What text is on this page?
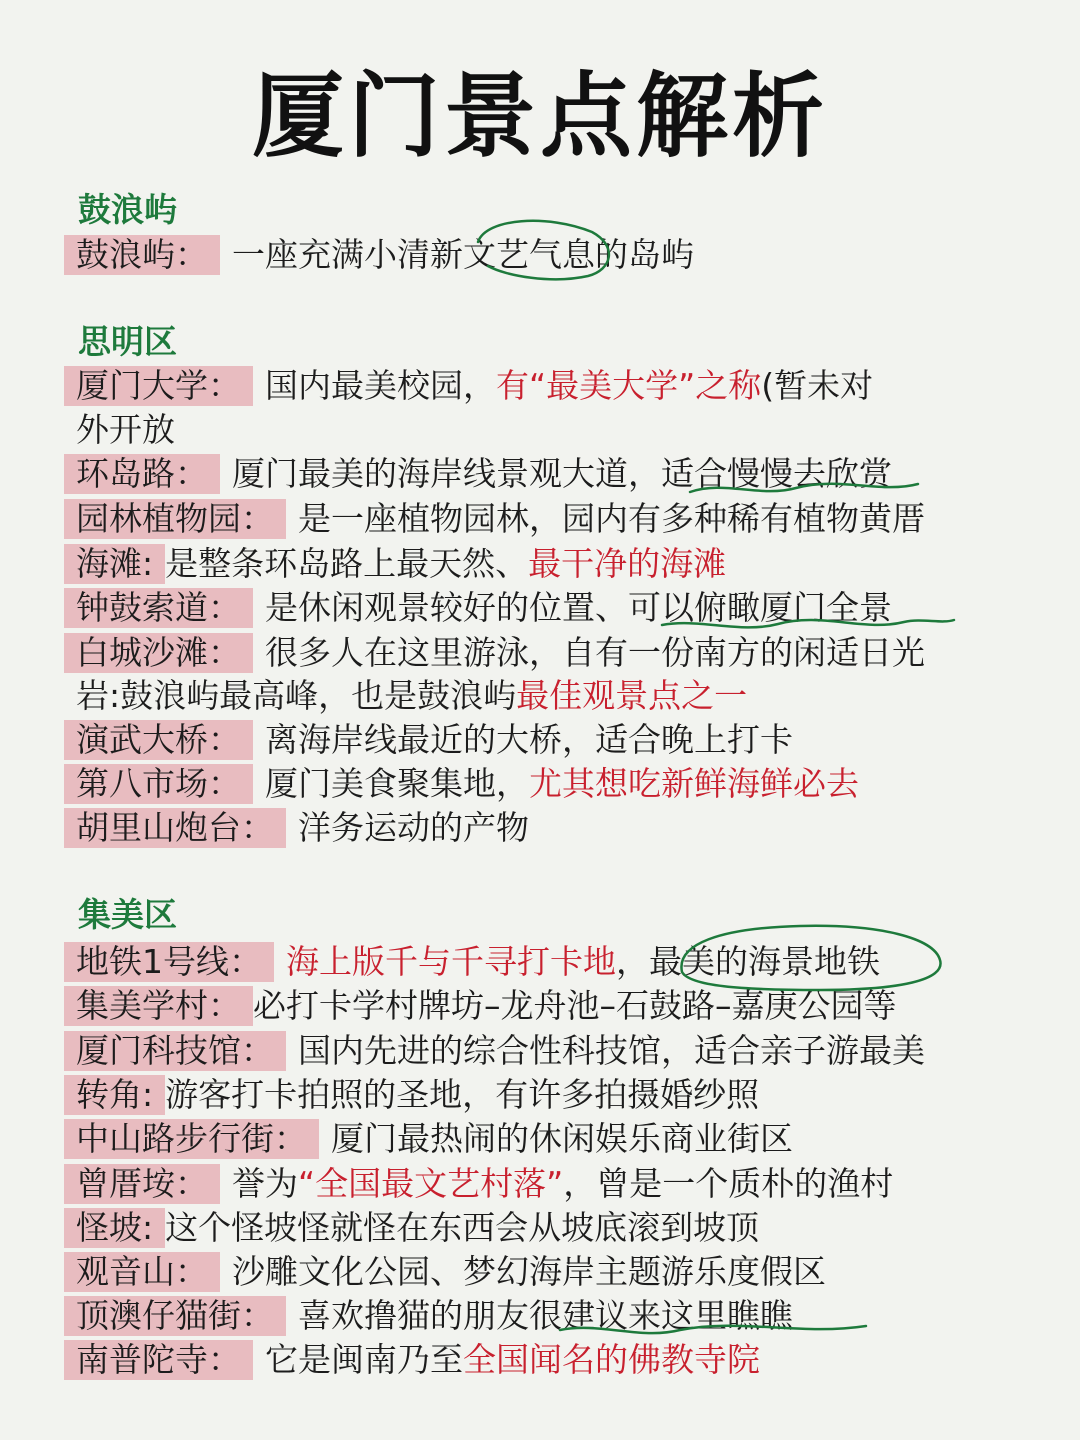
厦门景点解析
鼓浪屿
鼓浪屿： 一座充满小清新文艺气息的岛屿
思明区
厦门大学： 国内最美校园，有“最美大学”之称(暂未对
外开放
环岛路： 厦门最美的海岸线景观大道，适合慢慢去欣赏
园林植物园： 是一座植物园林，园内有多种稀有植物黄厝
海滩: 是整条环岛路上最天然、最干净的海滩
钟鼓索道： 是休闲观景较好的位置、可以俯瞰厦门全景
白城沙滩： 很多人在这里游泳，自有一份南方的闲适日光
岩:鼓浪屿最高峰，也是鼓浪屿最佳观景点之一
演武大桥： 离海岸线最近的大桥，适合晚上打卡
第八市场： 厦门美食聚集地，尤其想吃新鲜海鲜必去
胡里山炮台： 洋务运动的产物
集美区
地铁1号线： 海上版千与千寻打卡地，最美的海景地铁
集美学村： 必打卡学村牌坊–龙舟池–石鼓路–嘉庚公园等
厦门科技馆： 国内先进的综合性科技馆，适合亲子游最美
转角: 游客打卡拍照的圣地，有许多拍摄婚纱照
中山路步行街： 厦门最热闹的休闲娱乐商业街区
曾厝垵： 誉为“全国最文艺村落”，曾是一个质朴的渔村
怪坡: 这个怪坡怪就怪在东西会从坡底滚到坡顶
观音山： 沙雕文化公园、梦幻海岸主题游乐度假区
顶澳仔猫街： 喜欢撸猫的朋友很建议来这里瞧瞧
南普陀寺： 它是闽南乃至全国闻名的佛教寺院
